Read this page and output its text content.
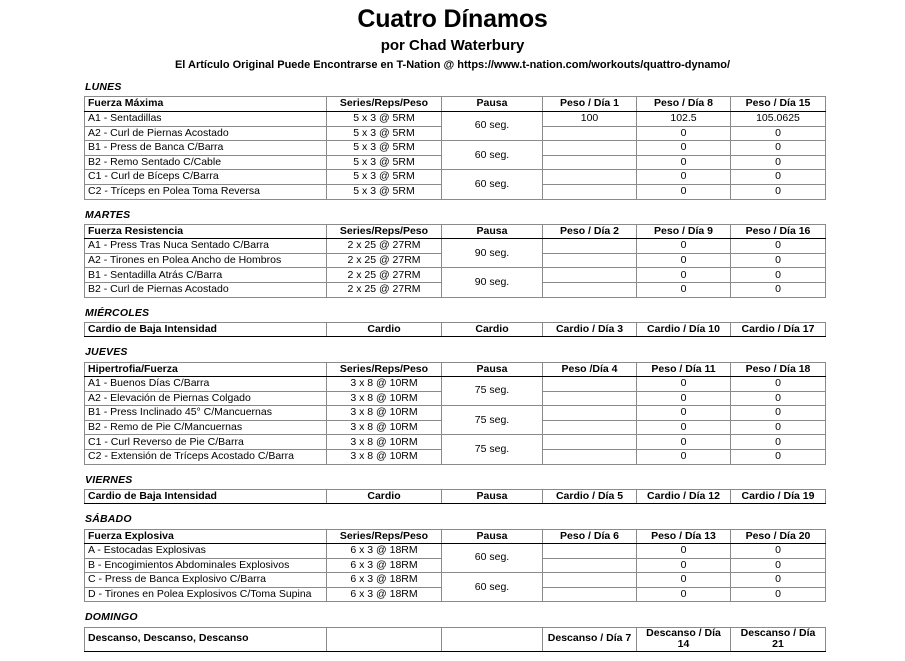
Cuatro Dínamos
por Chad Waterbury
El Artículo Original Puede Encontrarse en T-Nation @ https://www.t-nation.com/workouts/quattro-dynamo/
LUNES
Fuerza Máxima	Series/Reps/Peso	Pausa	Peso / Día 1	Peso / Día 8	Peso / Día 15
A1 - Sentadillas	5 x 3 @ 5RM	60 seg.	100	102.5	105.0625
A2 - Curl de Piernas Acostado	5 x 3 @ 5RM			0	0
B1 - Press de Banca C/Barra	5 x 3 @ 5RM	60 seg.		0	0
B2 - Remo Sentado C/Cable	5 x 3 @ 5RM			0	0
C1 - Curl de Bíceps C/Barra	5 x 3 @ 5RM	60 seg.		0	0
C2 - Tríceps en Polea Toma Reversa	5 x 3 @ 5RM			0	0
MARTES
Fuerza Resistencia	Series/Reps/Peso	Pausa	Peso / Día 2	Peso / Día 9	Peso / Día 16
A1 - Press Tras Nuca Sentado C/Barra	2 x 25 @ 27RM	90 seg.		0	0
A2 - Tirones en Polea Ancho de Hombros	2 x 25 @ 27RM			0	0
B1 - Sentadilla Atrás C/Barra	2 x 25 @ 27RM	90 seg.		0	0
B2 - Curl de Piernas Acostado	2 x 25 @ 27RM			0	0
MIÉRCOLES
Cardio de Baja Intensidad	Cardio	Cardio	Cardio / Día 3	Cardio / Día 10	Cardio / Día 17
JUEVES
Hipertrofia/Fuerza	Series/Reps/Peso	Pausa	Peso /Día 4	Peso / Día 11	Peso / Día 18
A1 - Buenos Días C/Barra	3 x 8 @ 10RM	75 seg.		0	0
A2 - Elevación de Piernas Colgado	3 x 8 @ 10RM			0	0
B1 - Press Inclinado 45° C/Mancuernas	3 x 8 @ 10RM	75 seg.		0	0
B2 - Remo de Pie C/Mancuernas	3 x 8 @ 10RM			0	0
C1 - Curl Reverso de Pie C/Barra	3 x 8 @ 10RM	75 seg.		0	0
C2 - Extensión de Tríceps Acostado C/Barra	3 x 8 @ 10RM			0	0
VIERNES
Cardio de Baja Intensidad	Cardio	Pausa	Cardio / Día 5	Cardio / Día 12	Cardio / Día 19
SÁBADO
Fuerza Explosiva	Series/Reps/Peso	Pausa	Peso / Día 6	Peso / Día 13	Peso / Día 20
A - Estocadas Explosivas	6 x 3 @ 18RM	60 seg.		0	0
B - Encogimientos Abdominales Explosivos	6 x 3 @ 18RM			0	0
C - Press de Banca Explosivo C/Barra	6 x 3 @ 18RM	60 seg.		0	0
D - Tirones en Polea Explosivos C/Toma Supina	6 x 3 @ 18RM			0	0
DOMINGO
Descanso, Descanso, Descanso			Descanso / Día 7	Descanso / Día 14	Descanso / Día 21
